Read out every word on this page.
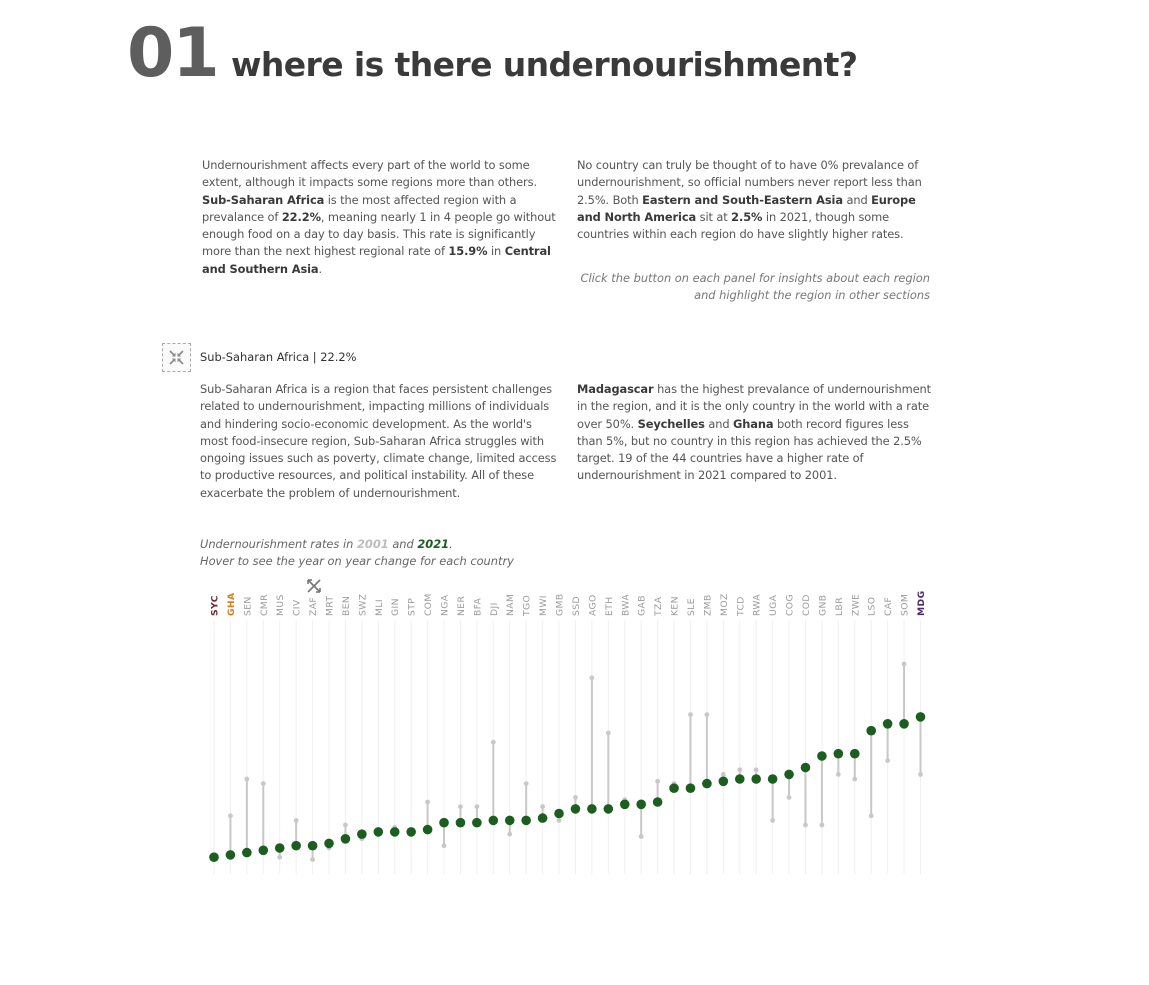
01 where is there undernourishment?
Undernourishment affects every part of the world to some extent, although it impacts some regions more than others. Sub-Saharan Africa is the most affected region with a prevalance of 22.2%, meaning nearly 1 in 4 people go without enough food on a day to day basis. This rate is significantly more than the next highest regional rate of 15.9% in Central and Southern Asia.
No country can truly be thought of to have 0% prevalance of undernourishment, so official numbers never report less than 2.5%. Both Eastern and South-Eastern Asia and Europe and North America sit at 2.5% in 2021, though some countries within each region do have slightly higher rates.
Click the button on each panel for insights about each region
and highlight the region in other sections
Sub-Saharan Africa | 22.2%
Sub-Saharan Africa is a region that faces persistent challenges related to undernourishment, impacting millions of individuals and hindering socio-economic development. As the world's most food-insecure region, Sub-Saharan Africa struggles with ongoing issues such as poverty, climate change, limited access to productive resources, and political instability. All of these exacerbate the problem of undernourishment.
Madagascar has the highest prevalance of undernourishment in the region, and it is the only country in the world with a rate over 50%. Seychelles and Ghana both record figures less than 5%, but no country in this region has achieved the 2.5% target. 19 of the 44 countries have a higher rate of undernourishment in 2021 compared to 2001.
Undernourishment rates in 2001 and 2021.
Hover to see the year on year change for each country
SYC GHA SEN CMR MUS CIV ZAF MRT BEN SWZ MLI GIN STP COM NGA NER BFA DJI NAM TGO MWI GMB SSD AGO ETH BWA GAB TZA KEN SLE ZMB MOZ TCD RWA UGA COG COD GNB LBR ZWE LSO CAF SOM MDG
